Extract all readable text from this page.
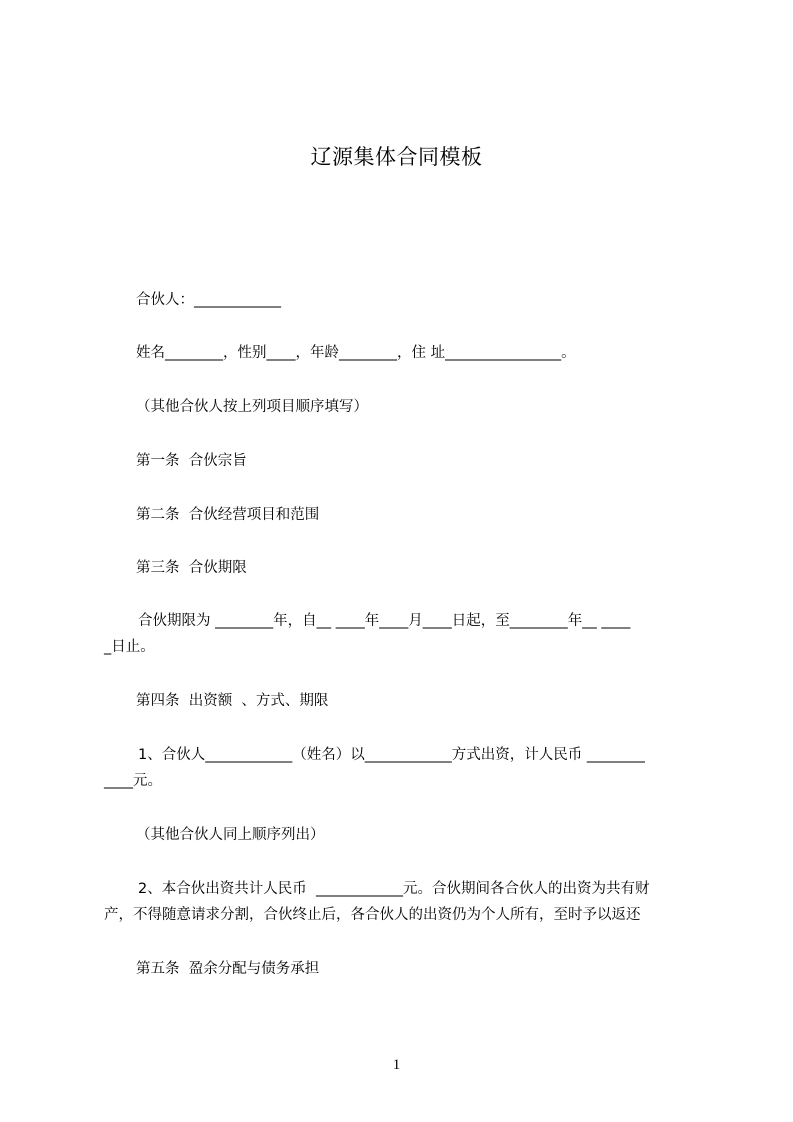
辽源集体合同模板

合伙人：____________

姓名________，性别____，年龄________，住 址________________。

（其他合伙人按上列项目顺序填写）

第一条  合伙宗旨

第二条  合伙经营项目和范围

第三条  合伙期限

合伙期限为 ________年，自__ ____年____月____日起，至________年__ ____

_日止。

第四条  出资额  、方式、期限

1、合伙人____________（姓名）以____________方式出资，计人民币 ________

____元。

（其他合伙人同上顺序列出）

2、本合伙出资共计人民币  ____________元。合伙期间各合伙人的出资为共有财

产，不得随意请求分割，合伙终止后，各合伙人的出资仍为个人所有，至时予以返还

第五条  盈余分配与债务承担

1
